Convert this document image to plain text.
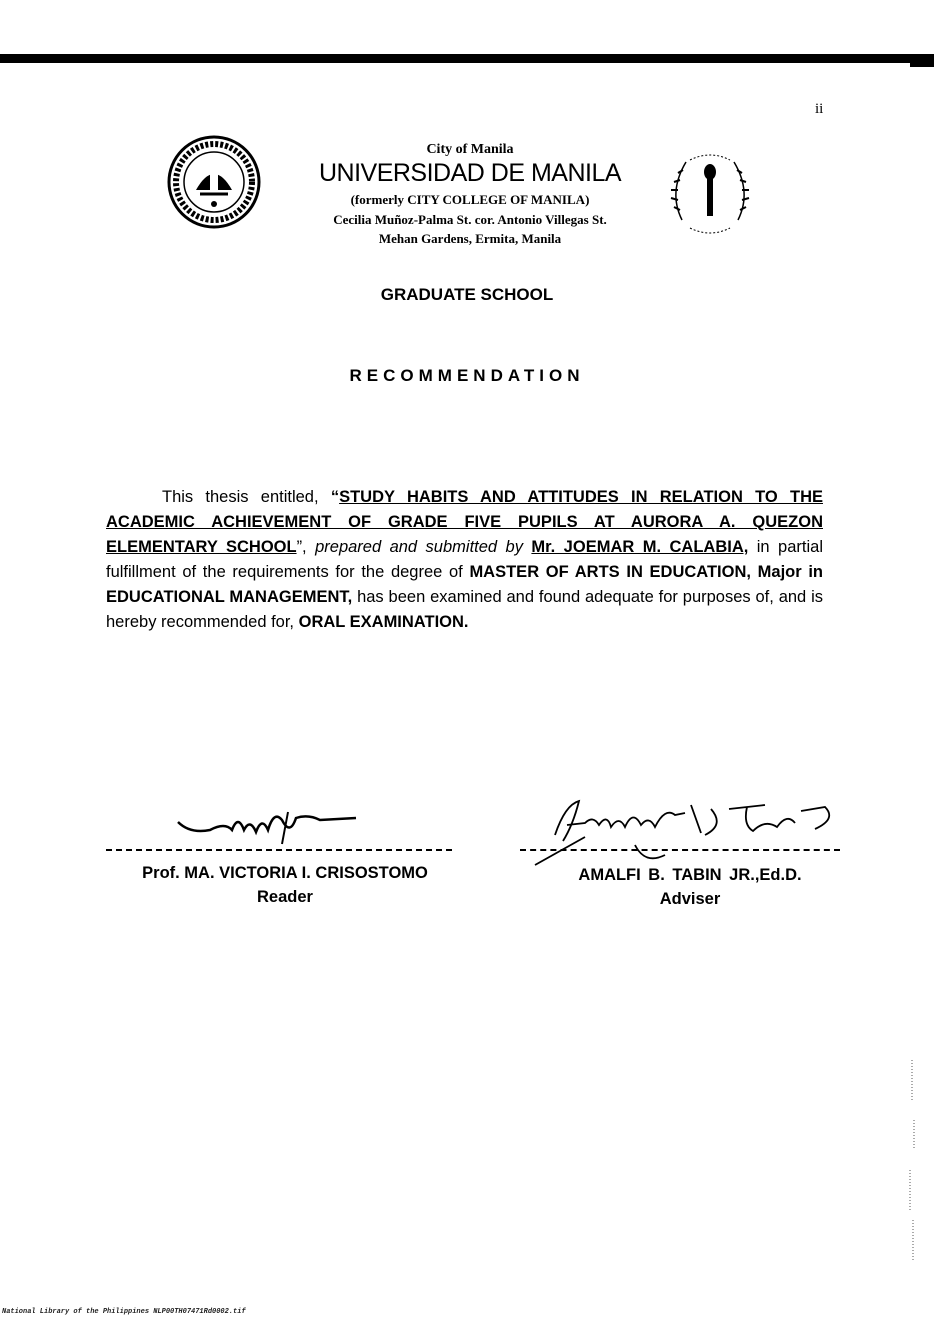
ii
City of Manila
UNIVERSIDAD DE MANILA
(formerly CITY COLLEGE OF MANILA)
Cecilia Muñoz-Palma St. cor. Antonio Villegas St.
Mehan Gardens, Ermita, Manila
GRADUATE SCHOOL
RECOMMENDATION
This thesis entitled, “STUDY HABITS AND ATTITUDES IN RELATION TO THE ACADEMIC ACHIEVEMENT OF GRADE FIVE PUPILS AT AURORA A. QUEZON ELEMENTARY SCHOOL”, prepared and submitted by Mr. JOEMAR M. CALABIA, in partial fulfillment of the requirements for the degree of MASTER OF ARTS IN EDUCATION, Major in EDUCATIONAL MANAGEMENT, has been examined and found adequate for purposes of, and is hereby recommended for, ORAL EXAMINATION.
Prof. MA. VICTORIA I. CRISOSTOMO
Reader
AMALFI B. TABIN JR.,Ed.D.
Adviser
National Library of the Philippines NLP00TH07471Rd0002.tif
